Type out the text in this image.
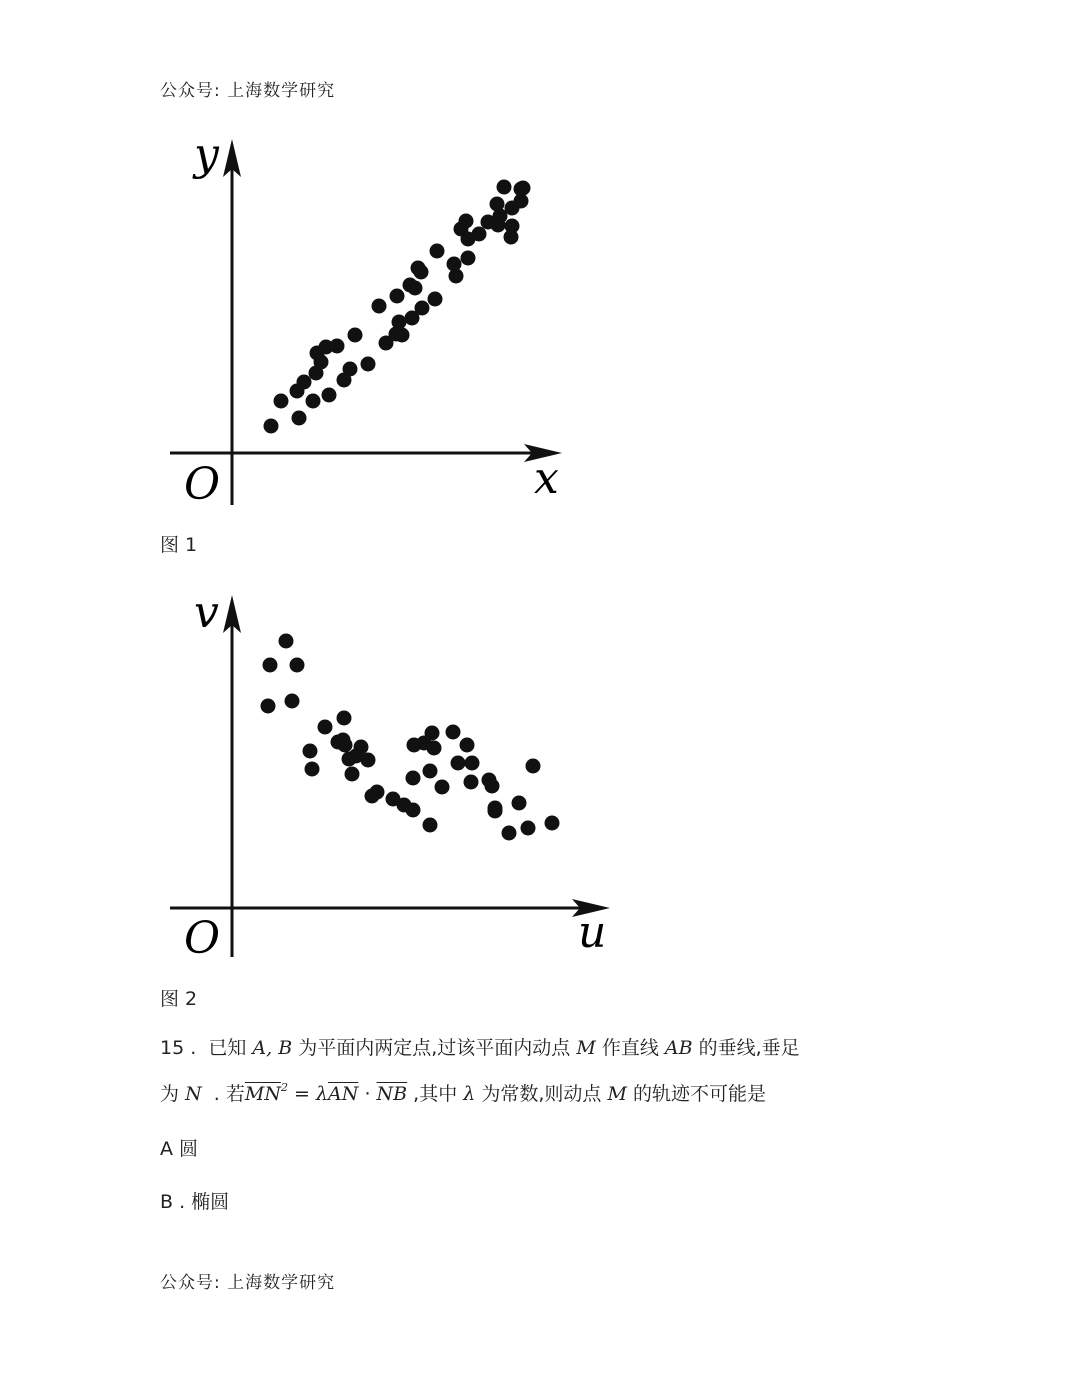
公众号: 上海数学研究
y
x
O
图 1
v
u
O
图 2
15 . 已知 A, B 为平面内两定点,过该平面内动点 M 作直线 AB 的垂线,垂足
为 N . 若$\overline{MN}^2 = \lambda\overline{AN} \cdot \overline{NB}$ ,其中 λ 为常数,则动点 M 的轨迹不可能是
A 圆
B . 椭圆
公众号: 上海数学研究
